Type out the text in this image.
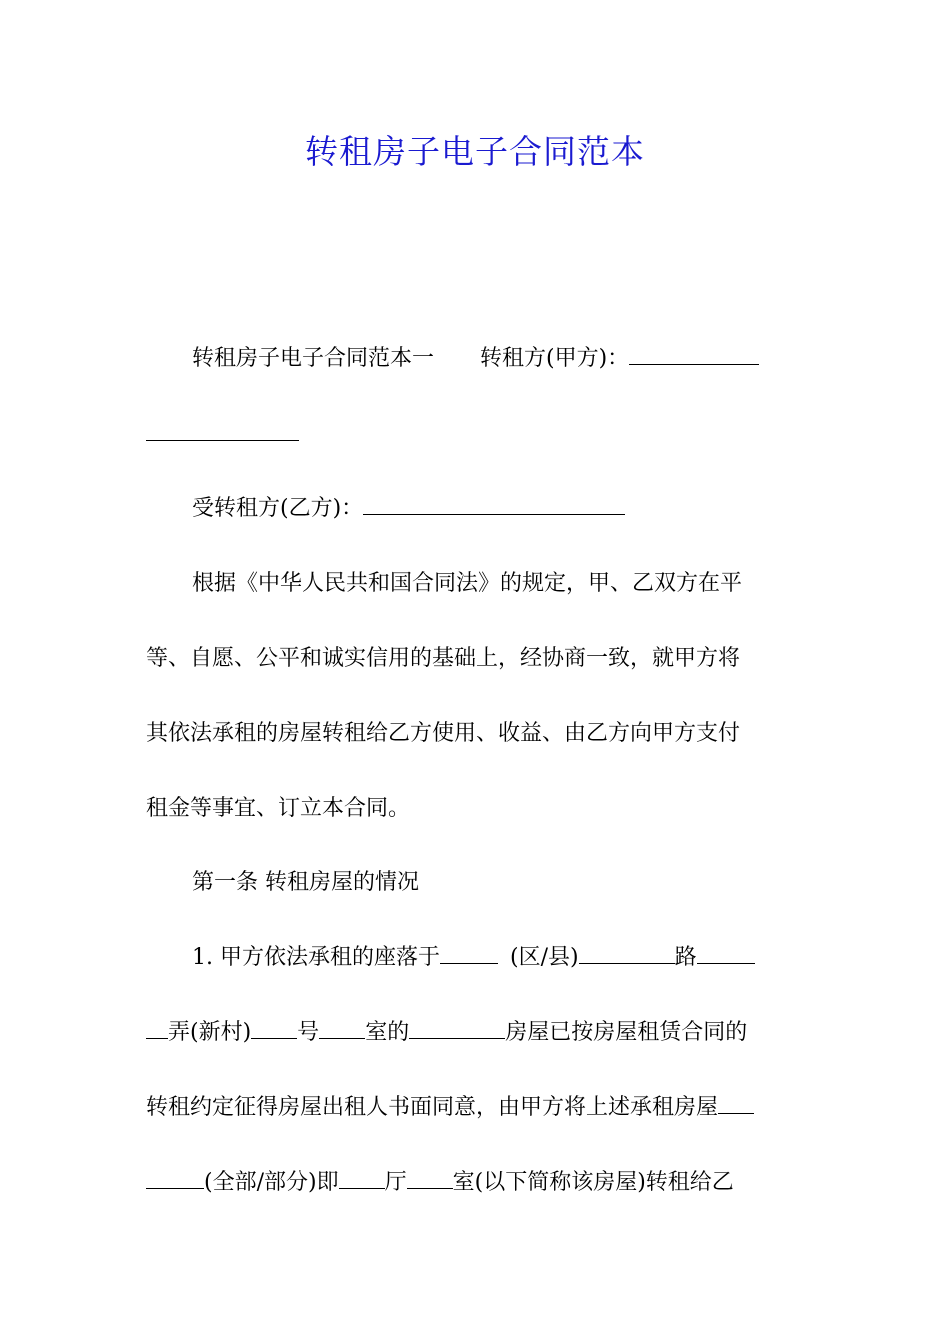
转租房子电子合同范本
转租房子电子合同范本一 转租方(甲方)：
受转租方(乙方)：
根据《中华人民共和国合同法》的规定，甲、乙双方在平
等、自愿、公平和诚实信用的基础上，经协商一致，就甲方将
其依法承租的房屋转租给乙方使用、收益、由乙方向甲方支付
租金等事宜、订立本合同。
第一条 转租房屋的情况
1. 甲方依法承租的座落于	(区/县)	路
弄(新村) 号 室的	房屋已按房屋租赁合同的
转租约定征得房屋出租人书面同意，由甲方将上述承租房屋
(全部/部分)即 厅 室(以下简称该房屋)转租给乙
